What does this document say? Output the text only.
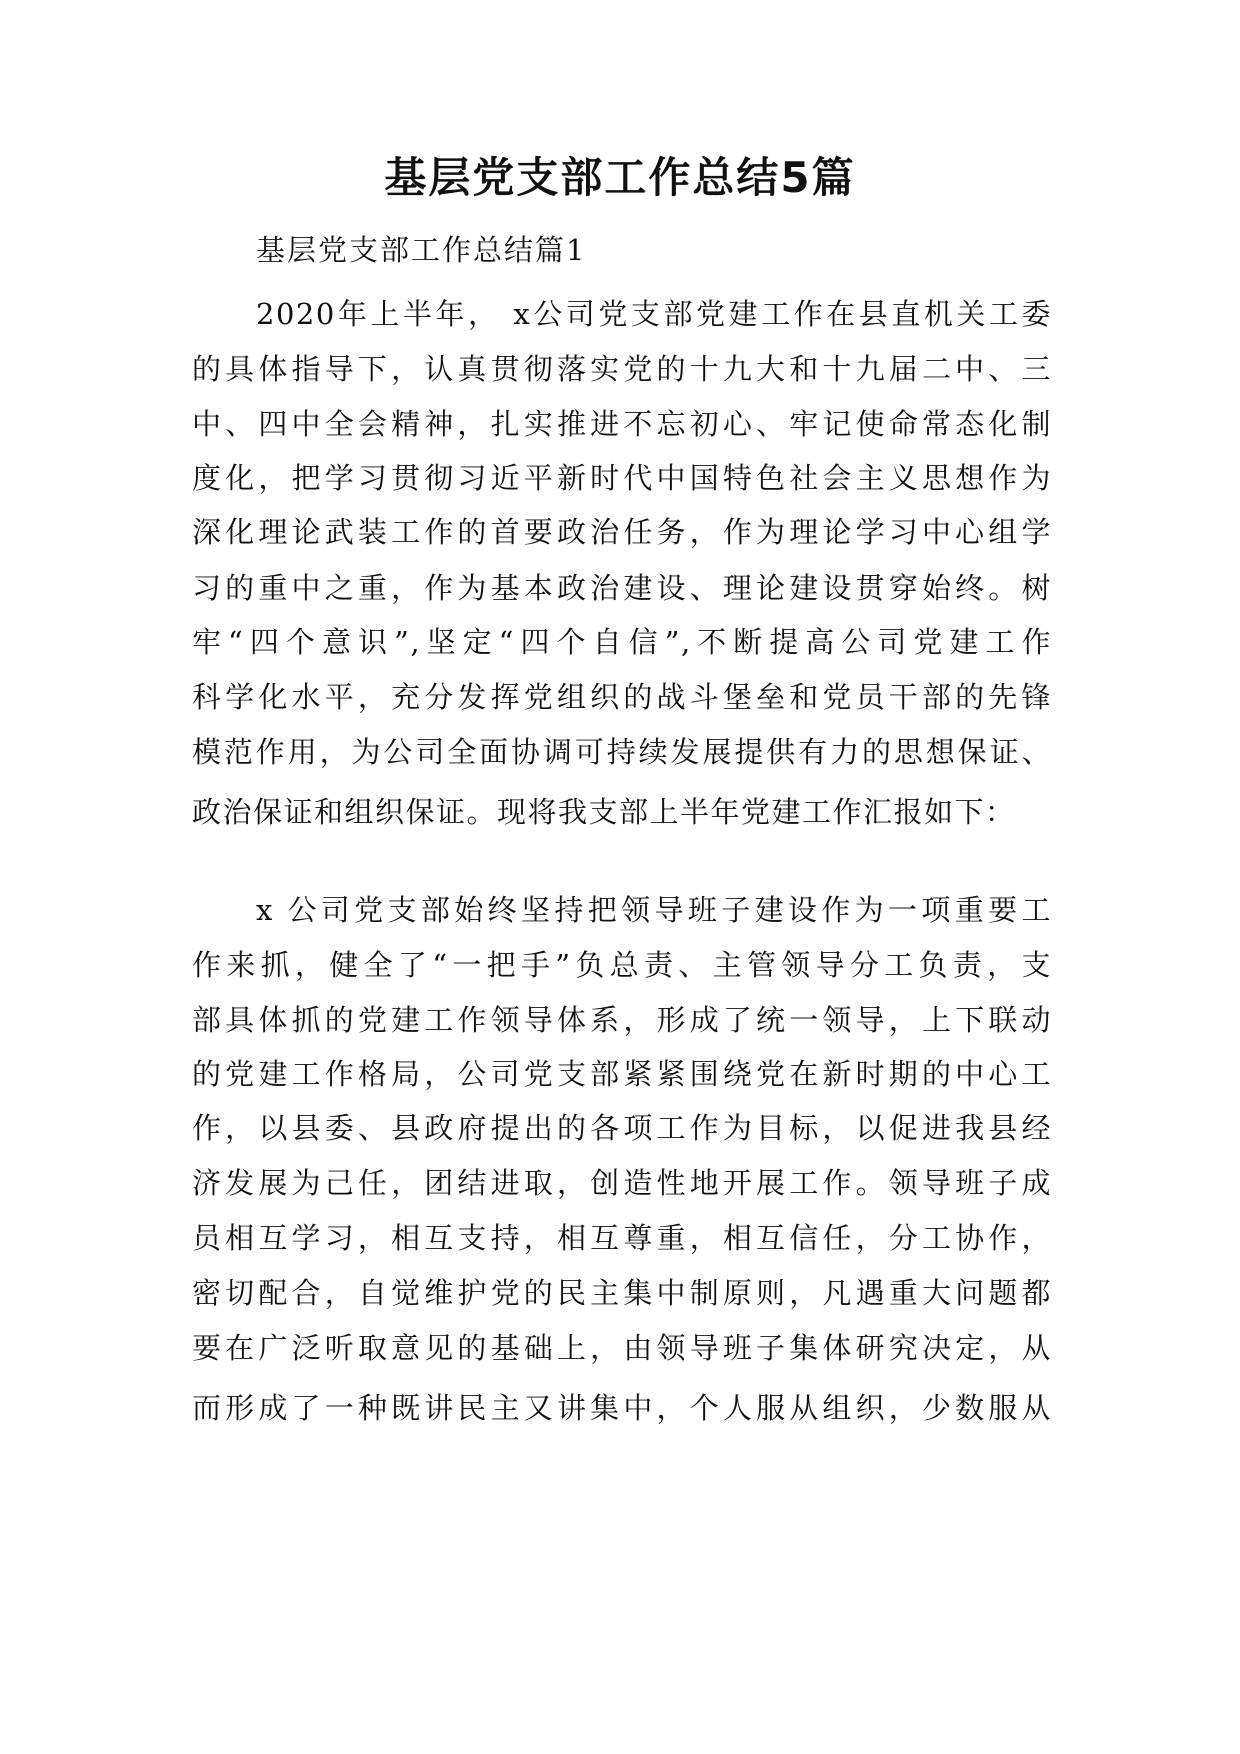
基层党支部工作总结5篇
基层党支部工作总结篇1
2020年上半年， x公司党支部党建工作在县直机关工委
的具体指导下，认真贯彻落实党的十九大和十九届二中、三
中、四中全会精神，扎实推进不忘初心、牢记使命常态化制
度化，把学习贯彻习近平新时代中国特色社会主义思想作为
深化理论武装工作的首要政治任务，作为理论学习中心组学
习的重中之重，作为基本政治建设、理论建设贯穿始终。树
牢“四个意识”,坚定“四个自信”,不断提高公司党建工作
科学化水平，充分发挥党组织的战斗堡垒和党员干部的先锋
模范作用，为公司全面协调可持续发展提供有力的思想保证、
政治保证和组织保证。现将我支部上半年党建工作汇报如下：
x 公司党支部始终坚持把领导班子建设作为一项重要工
作来抓，健全了“一把手”负总责、主管领导分工负责，支
部具体抓的党建工作领导体系，形成了统一领导，上下联动
的党建工作格局，公司党支部紧紧围绕党在新时期的中心工
作，以县委、县政府提出的各项工作为目标，以促进我县经
济发展为己任，团结进取，创造性地开展工作。领导班子成
员相互学习，相互支持，相互尊重，相互信任，分工协作，
密切配合，自觉维护党的民主集中制原则，凡遇重大问题都
要在广泛听取意见的基础上，由领导班子集体研究决定，从
而形成了一种既讲民主又讲集中，个人服从组织，少数服从
